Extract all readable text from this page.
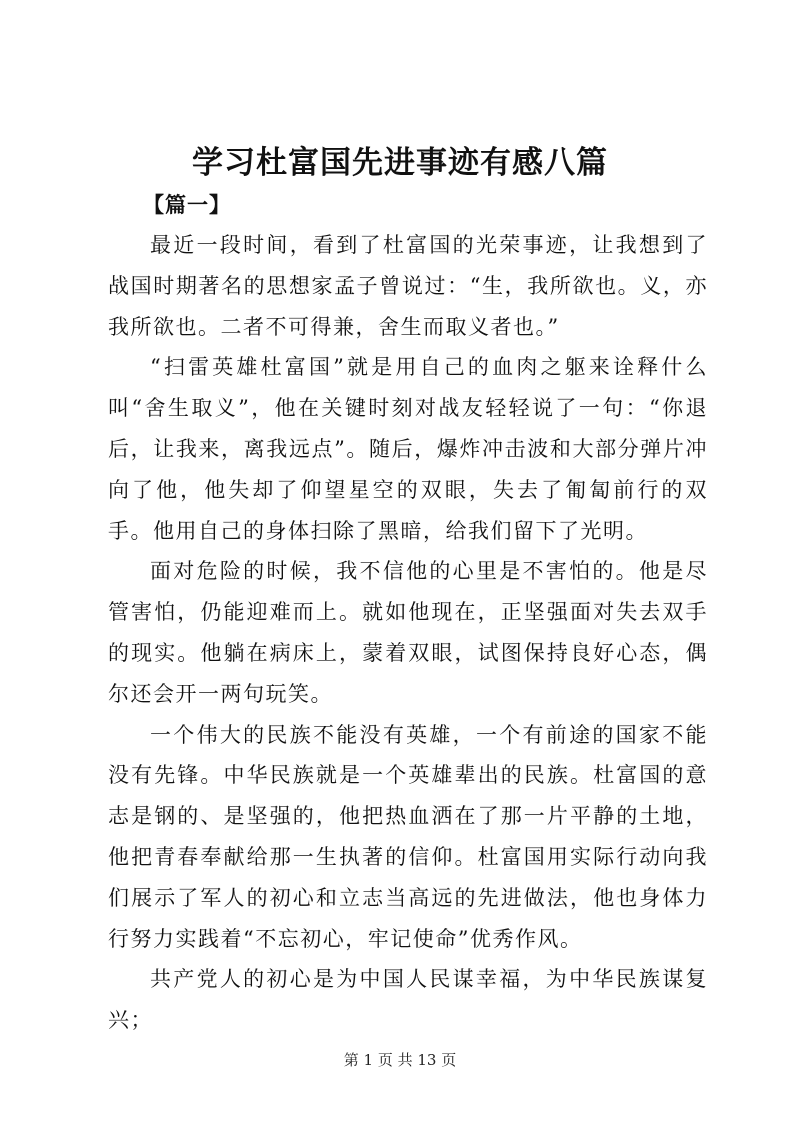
学习杜富国先进事迹有感八篇
【篇一】

最近一段时间，看到了杜富国的光荣事迹，让我想到了战国时期著名的思想家孟子曾说过：“生，我所欲也。义，亦我所欲也。二者不可得兼，舍生而取义者也。”

“扫雷英雄杜富国”就是用自己的血肉之躯来诠释什么叫“舍生取义”，他在关键时刻对战友轻轻说了一句：“你退后，让我来，离我远点”。随后，爆炸冲击波和大部分弹片冲向了他，他失却了仰望星空的双眼，失去了匍匐前行的双手。他用自己的身体扫除了黑暗，给我们留下了光明。

面对危险的时候，我不信他的心里是不害怕的。他是尽管害怕，仍能迎难而上。就如他现在，正坚强面对失去双手的现实。他躺在病床上，蒙着双眼，试图保持良好心态，偶尔还会开一两句玩笑。

一个伟大的民族不能没有英雄，一个有前途的国家不能没有先锋。中华民族就是一个英雄辈出的民族。杜富国的意志是钢的、是坚强的，他把热血洒在了那一片平静的土地，他把青春奉献给那一生执著的信仰。杜富国用实际行动向我们展示了军人的初心和立志当高远的先进做法，他也身体力行努力实践着“不忘初心，牢记使命”优秀作风。

共产党人的初心是为中国人民谋幸福，为中华民族谋复兴；

第 1 页 共 13 页
